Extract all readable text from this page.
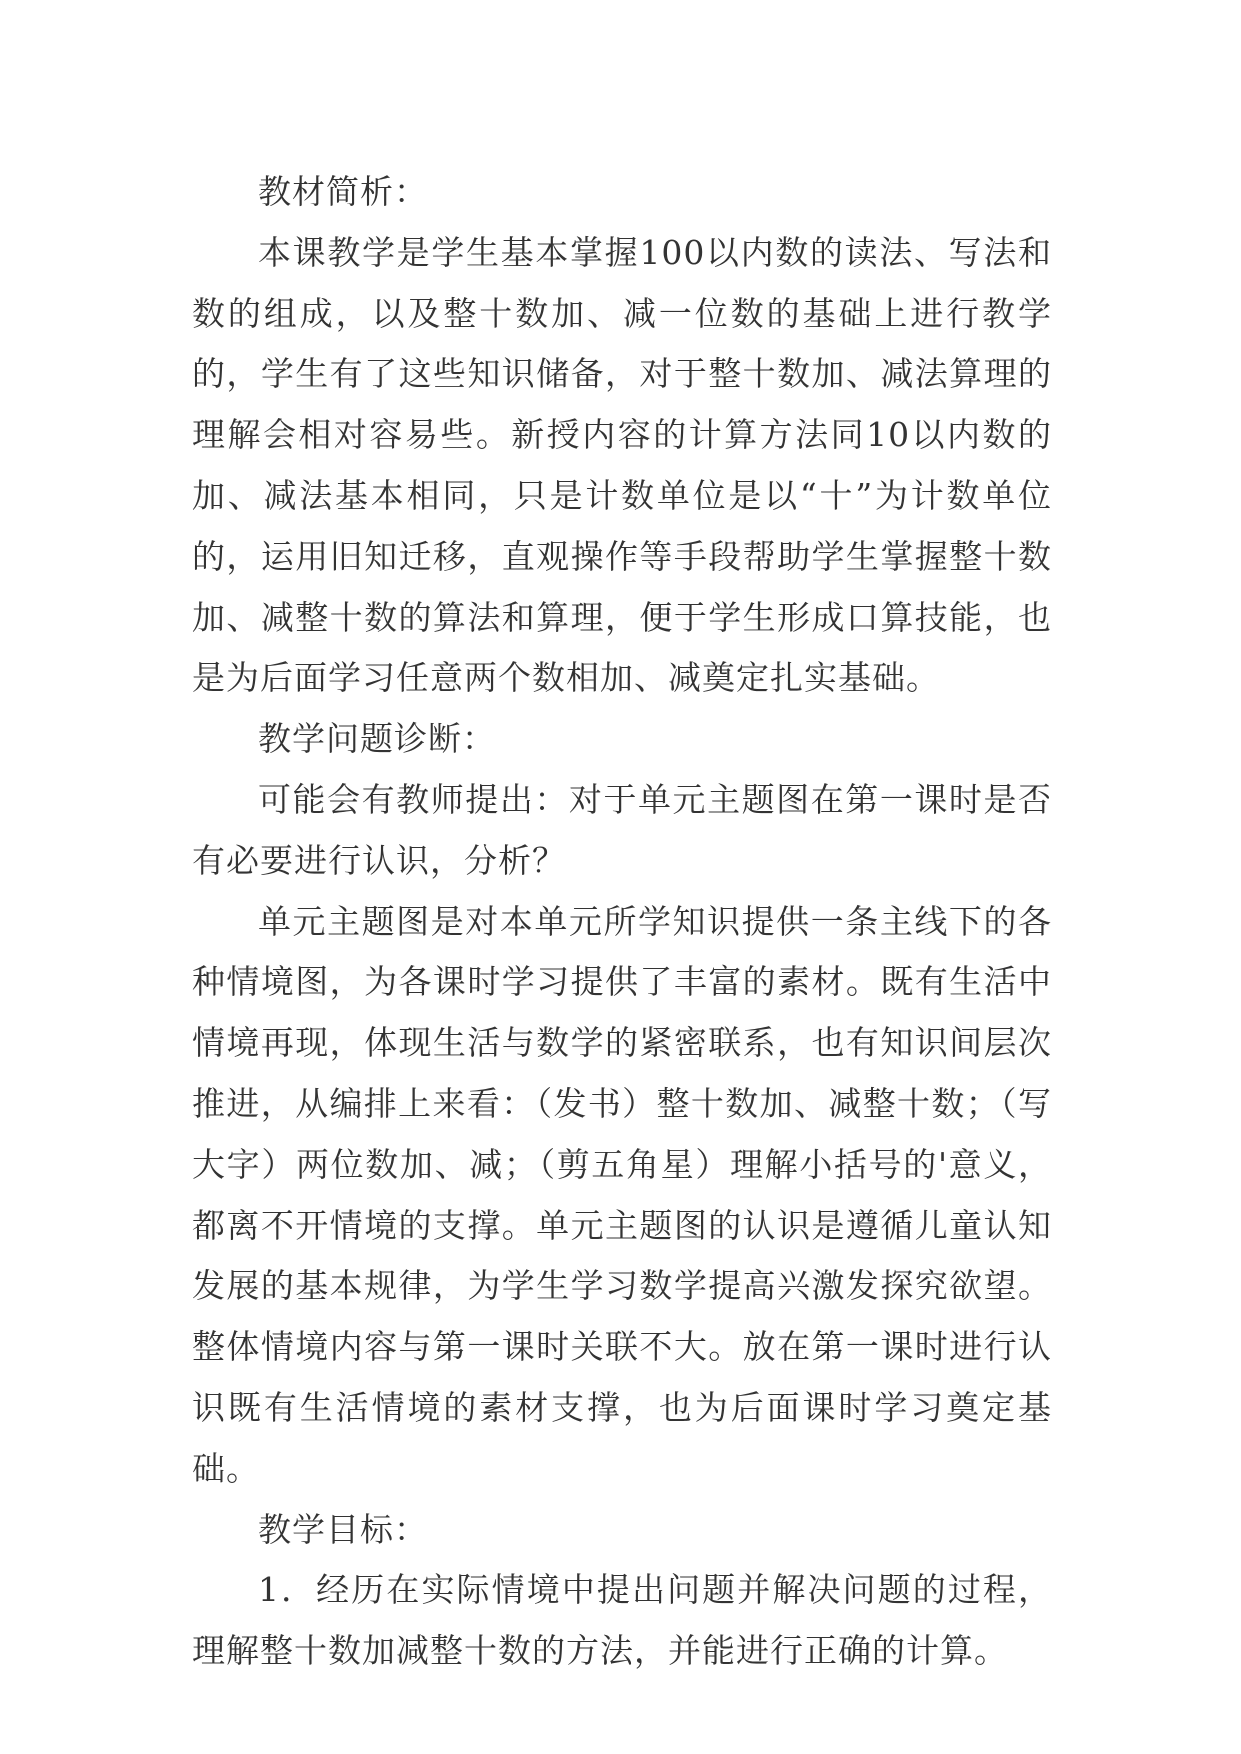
教材简析：

本课教学是学生基本掌握100以内数的读法、写法和数的组成，以及整十数加、减一位数的基础上进行教学的，学生有了这些知识储备，对于整十数加、减法算理的理解会相对容易些。新授内容的计算方法同10以内数的加、减法基本相同，只是计数单位是以“十”为计数单位的，运用旧知迁移，直观操作等手段帮助学生掌握整十数加、减整十数的算法和算理，便于学生形成口算技能，也是为后面学习任意两个数相加、减奠定扎实基础。

教学问题诊断：

可能会有教师提出：对于单元主题图在第一课时是否有必要进行认识，分析？

单元主题图是对本单元所学知识提供一条主线下的各种情境图，为各课时学习提供了丰富的素材。既有生活中情境再现，体现生活与数学的紧密联系，也有知识间层次推进，从编排上来看：（发书）整十数加、减整十数；（写大字）两位数加、减；（剪五角星）理解小括号的'意义，都离不开情境的支撑。单元主题图的认识是遵循儿童认知发展的基本规律，为学生学习数学提高兴激发探究欲望。整体情境内容与第一课时关联不大。放在第一课时进行认识既有生活情境的素材支撑，也为后面课时学习奠定基础。

教学目标：

1．经历在实际情境中提出问题并解决问题的过程，理解整十数加减整十数的方法，并能进行正确的计算。
